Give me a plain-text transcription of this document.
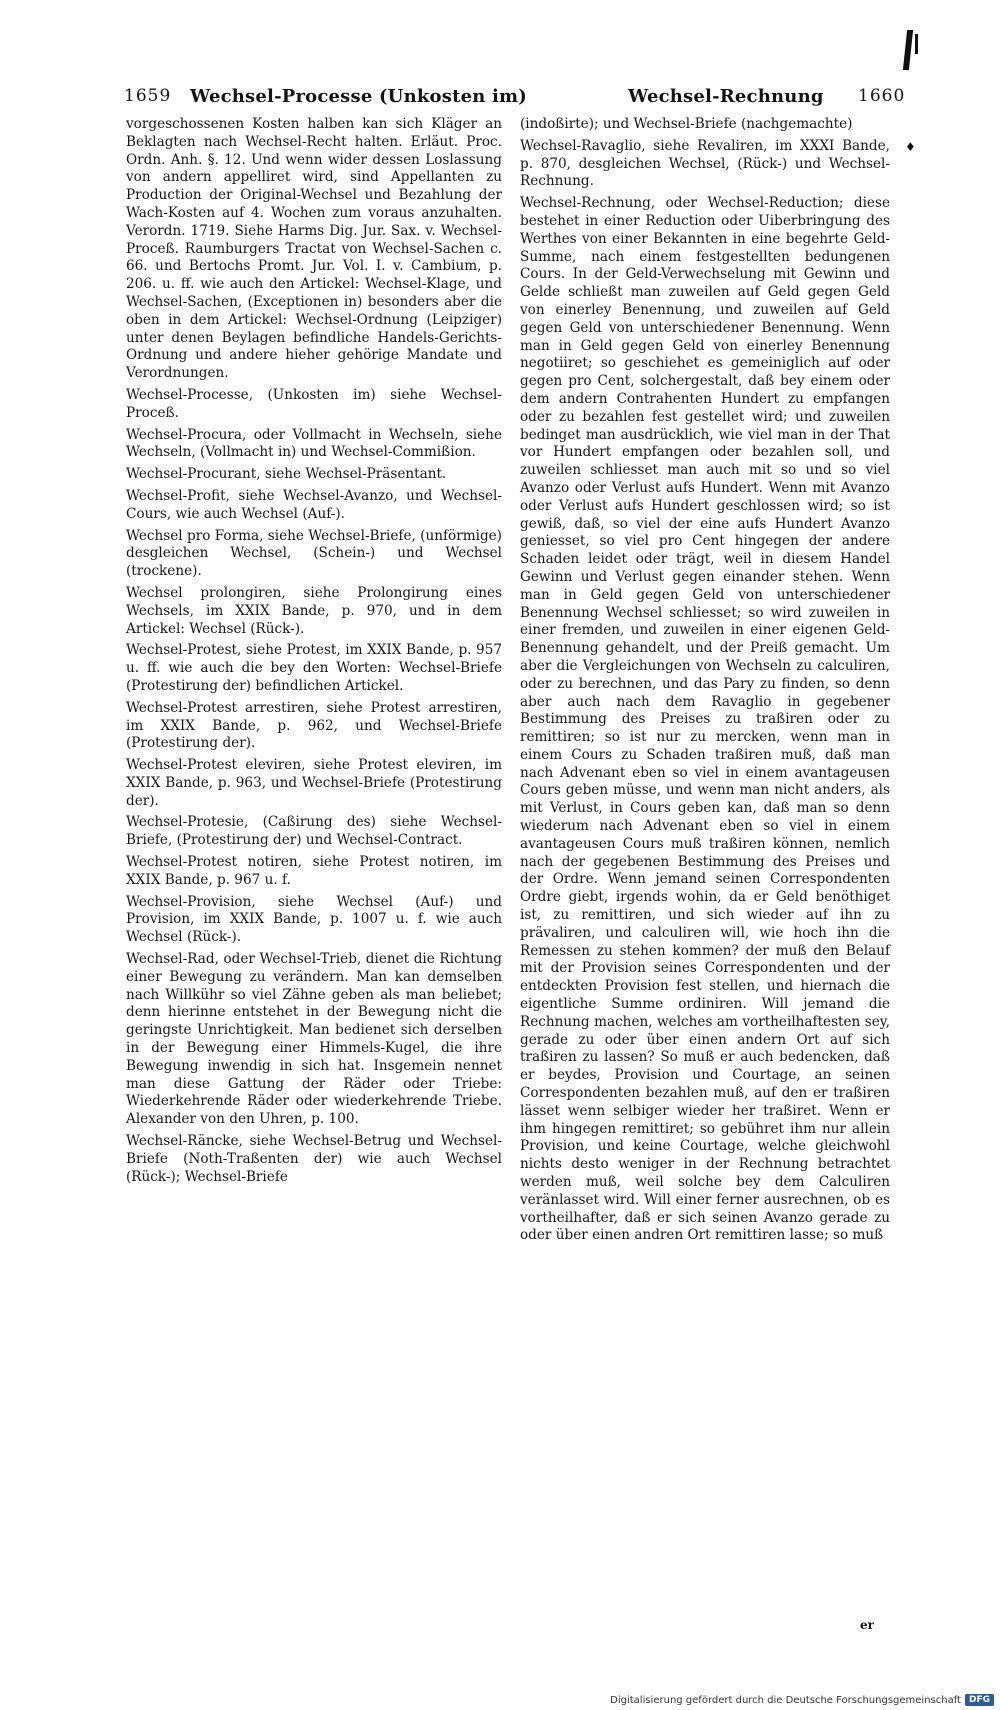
1659 Wechsel-Processe (Unkosten im)	Wechsel-Rechnung 1660
♦

vorgeschossenen Kosten halben kan sich Kläger an Beklagten nach Wechsel-Recht halten. Erläut. Proc. Ordn. Anh. §. 12. Und wenn wider dessen Loslassung von andern appelliret wird, sind Appellanten zu Production der Original-Wechsel und Bezahlung der Wach-Kosten auf 4. Wochen zum voraus anzuhalten. Verordn. 1719. Siehe Harms Dig. Jur. Sax. v. Wechsel-Proceß. Raumburgers Tractat von Wechsel-Sachen c. 66. und Bertochs Promt. Jur. Vol. I. v. Cambium, p. 206. u. ff. wie auch den Artickel: Wechsel-Klage, und Wechsel-Sachen, (Exceptionen in) besonders aber die oben in dem Artickel: Wechsel-Ordnung (Leipziger) unter denen Beylagen befindliche Handels-Gerichts-Ordnung und andere hieher gehörige Mandate und Verordnungen.

Wechsel-Processe, (Unkosten im) siehe Wechsel-Proceß.

Wechsel-Procura, oder Vollmacht in Wechseln, siehe Wechseln, (Vollmacht in) und Wechsel-Commißion.

Wechsel-Procurant, siehe Wechsel-Präsentant.

Wechsel-Profit, siehe Wechsel-Avanzo, und Wechsel-Cours, wie auch Wechsel (Auf-).

Wechsel pro Forma, siehe Wechsel-Briefe, (unförmige) desgleichen Wechsel, (Schein-) und Wechsel (trockene).

Wechsel prolongiren, siehe Prolongirung eines Wechsels, im XXIX Bande, p. 970, und in dem Artickel: Wechsel (Rück-).

Wechsel-Protest, siehe Protest, im XXIX Bande, p. 957 u. ff. wie auch die bey den Worten: Wechsel-Briefe (Protestirung der) befindlichen Artickel.

Wechsel-Protest arrestiren, siehe Protest arrestiren, im XXIX Bande, p. 962, und Wechsel-Briefe (Protestirung der).

Wechsel-Protest eleviren, siehe Protest eleviren, im XXIX Bande, p. 963, und Wechsel-Briefe (Protestirung der).

Wechsel-Protesie, (Caßirung des) siehe Wechsel-Briefe, (Protestirung der) und Wechsel-Contract.

Wechsel-Protest notiren, siehe Protest notiren, im XXIX Bande, p. 967 u. f.

Wechsel-Provision, siehe Wechsel (Auf-) und Provision, im XXIX Bande, p. 1007 u. f. wie auch Wechsel (Rück-).

Wechsel-Rad, oder Wechsel-Trieb, dienet die Richtung einer Bewegung zu verändern. Man kan demselben nach Willkühr so viel Zähne geben als man beliebet; denn hierinne entstehet in der Bewegung nicht die geringste Unrichtigkeit. Man bedienet sich derselben in der Bewegung einer Himmels-Kugel, die ihre Bewegung inwendig in sich hat. Insgemein nennet man diese Gattung der Räder oder Triebe: Wiederkehrende Räder oder wiederkehrende Triebe. Alexander von den Uhren, p. 100.

Wechsel-Räncke, siehe Wechsel-Betrug und Wechsel-Briefe (Noth-Traßenten der) wie auch Wechsel (Rück-); Wechsel-Briefe

(indoßirte); und Wechsel-Briefe (nachgemachte)

Wechsel-Ravaglio, siehe Revaliren, im XXXI Bande, p. 870, desgleichen Wechsel, (Rück-) und Wechsel-Rechnung.

Wechsel-Rechnung, oder Wechsel-Reduction; diese bestehet in einer Reduction oder Uiberbringung des Werthes von einer Bekannten in eine begehrte Geld-Summe, nach einem festgestellten bedungenen Cours. In der Geld-Verwechselung mit Gewinn und Gelde schließt man zuweilen auf Geld gegen Geld von einerley Benennung, und zuweilen auf Geld gegen Geld von unterschiedener Benennung. Wenn man in Geld gegen Geld von einerley Benennung negotiiret; so geschiehet es gemeiniglich auf oder gegen pro Cent, solchergestalt, daß bey einem oder dem andern Contrahenten Hundert zu empfangen oder zu bezahlen fest gestellet wird; und zuweilen bedinget man ausdrücklich, wie viel man in der That vor Hundert empfangen oder bezahlen soll, und zuweilen schliesset man auch mit so und so viel Avanzo oder Verlust aufs Hundert. Wenn mit Avanzo oder Verlust aufs Hundert geschlossen wird; so ist gewiß, daß, so viel der eine aufs Hundert Avanzo geniesset, so viel pro Cent hingegen der andere Schaden leidet oder trägt, weil in diesem Handel Gewinn und Verlust gegen einander stehen. Wenn man in Geld gegen Geld von unterschiedener Benennung Wechsel schliesset; so wird zuweilen in einer fremden, und zuweilen in einer eigenen Geld-Benennung gehandelt, und der Preiß gemacht. Um aber die Vergleichungen von Wechseln zu calculiren, oder zu berechnen, und das Pary zu finden, so denn aber auch nach dem Ravaglio in gegebener Bestimmung des Preises zu traßiren oder zu remittiren; so ist nur zu mercken, wenn man in einem Cours zu Schaden traßiren muß, daß man nach Advenant eben so viel in einem avantageusen Cours geben müsse, und wenn man nicht anders, als mit Verlust, in Cours geben kan, daß man so denn wiederum nach Advenant eben so viel in einem avantageusen Cours muß traßiren können, nemlich nach der gegebenen Bestimmung des Preises und der Ordre. Wenn jemand seinen Correspondenten Ordre giebt, irgends wohin, da er Geld benöthiget ist, zu remittiren, und sich wieder auf ihn zu prävaliren, und calculiren will, wie hoch ihn die Remessen zu stehen kommen? der muß den Belauf mit der Provision seines Correspondenten und der entdeckten Provision fest stellen, und hiernach die eigentliche Summe ordiniren. Will jemand die Rechnung machen, welches am vortheilhaftesten sey, gerade zu oder über einen andern Ort auf sich traßiren zu lassen? So muß er auch bedencken, daß er beydes, Provision und Courtage, an seinen Correspondenten bezahlen muß, auf den er traßiren lässet wenn selbiger wieder her traßiret. Wenn er ihm hingegen remittiret; so gebühret ihm nur allein Provision, und keine Courtage, welche gleichwohl nichts desto weniger in der Rechnung betrachtet werden muß, weil solche bey dem Calculiren veränlasset wird. Will einer ferner ausrechnen, ob es vortheilhafter, daß er sich seinen Avanzo gerade zu oder über einen andren Ort remittiren lasse; so muß

er
Digitalisierung gefördert durch die Deutsche Forschungsgemeinschaft DFG
